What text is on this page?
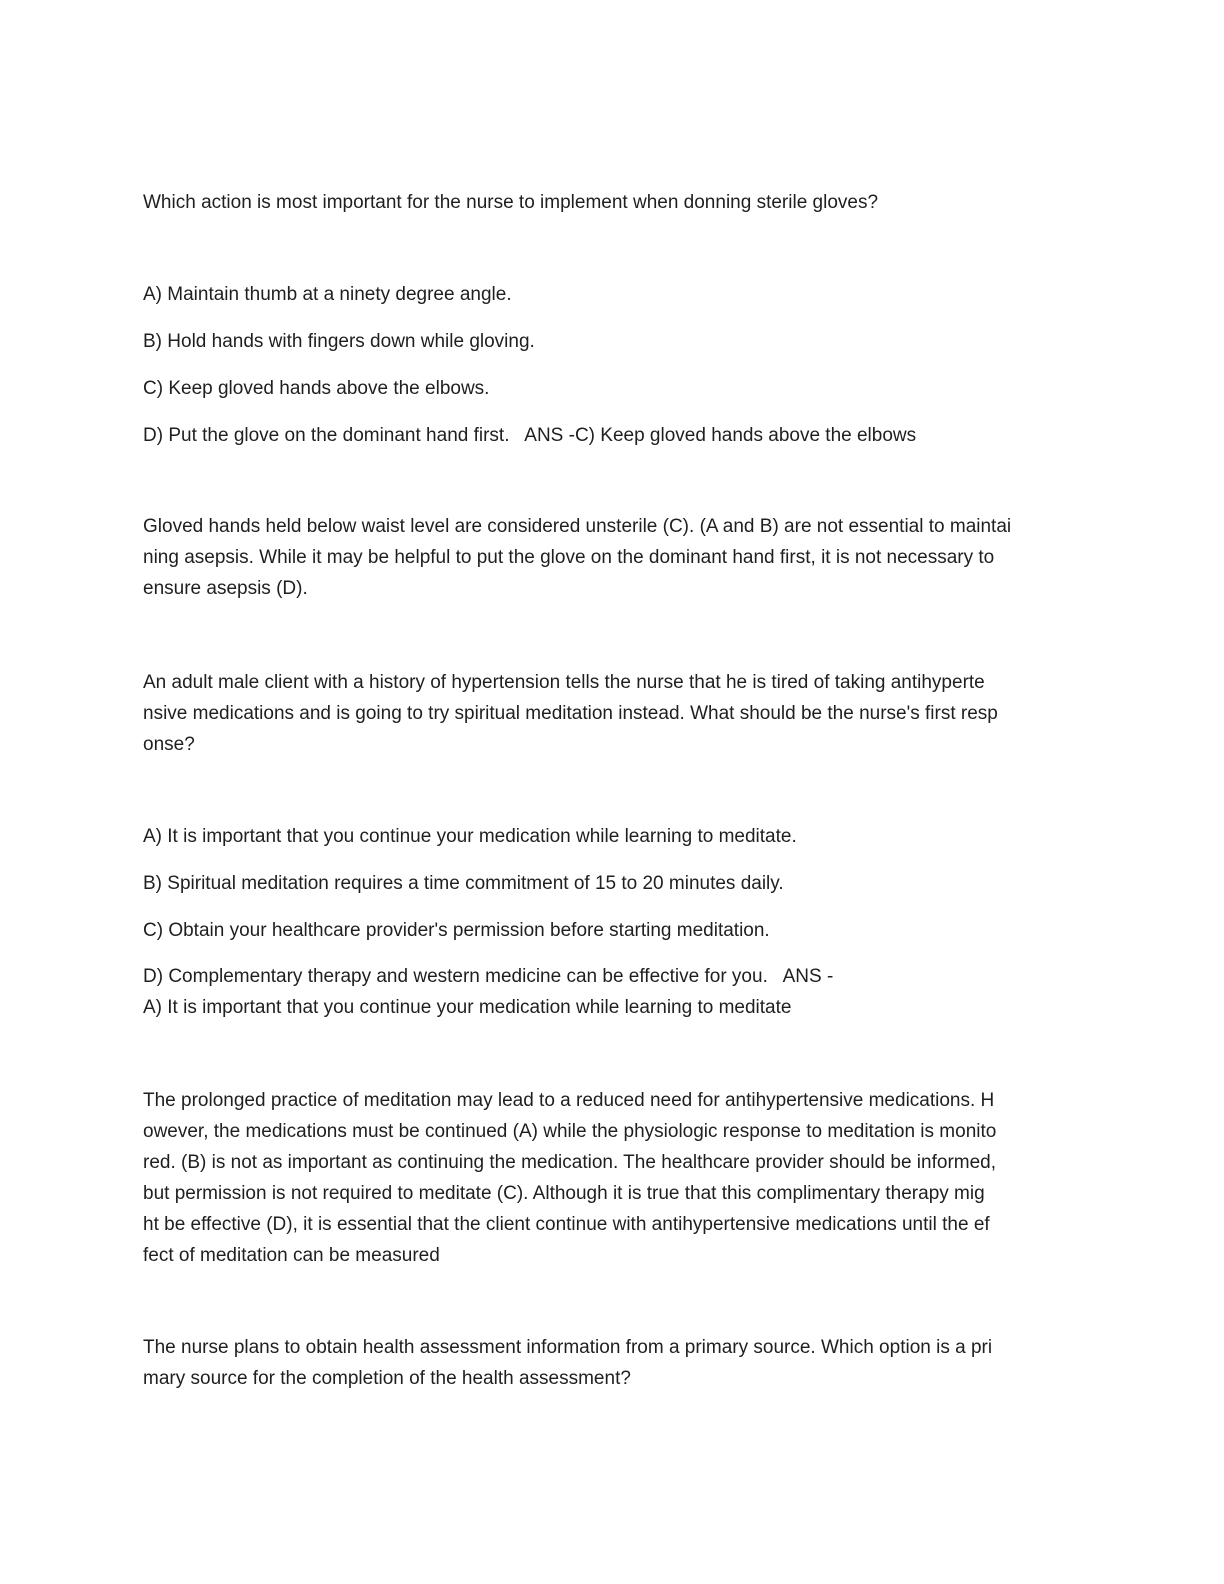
Which action is most important for the nurse to implement when donning sterile gloves?
A) Maintain thumb at a ninety degree angle.
B) Hold hands with fingers down while gloving.
C) Keep gloved hands above the elbows.
D) Put the glove on the dominant hand first.   ANS -C) Keep gloved hands above the elbows
Gloved hands held below waist level are considered unsterile (C). (A and B) are not essential to maintai
ning asepsis. While it may be helpful to put the glove on the dominant hand first, it is not necessary to
ensure asepsis (D).
An adult male client with a history of hypertension tells the nurse that he is tired of taking antihyperte
nsive medications and is going to try spiritual meditation instead. What should be the nurse's first resp
onse?
A) It is important that you continue your medication while learning to meditate.
B) Spiritual meditation requires a time commitment of 15 to 20 minutes daily.
C) Obtain your healthcare provider's permission before starting meditation.
D) Complementary therapy and western medicine can be effective for you.   ANS -
A) It is important that you continue your medication while learning to meditate
The prolonged practice of meditation may lead to a reduced need for antihypertensive medications. H
owever, the medications must be continued (A) while the physiologic response to meditation is monito
red. (B) is not as important as continuing the medication. The healthcare provider should be informed,
but permission is not required to meditate (C). Although it is true that this complimentary therapy mig
ht be effective (D), it is essential that the client continue with antihypertensive medications until the ef
fect of meditation can be measured
The nurse plans to obtain health assessment information from a primary source. Which option is a pri
mary source for the completion of the health assessment?
